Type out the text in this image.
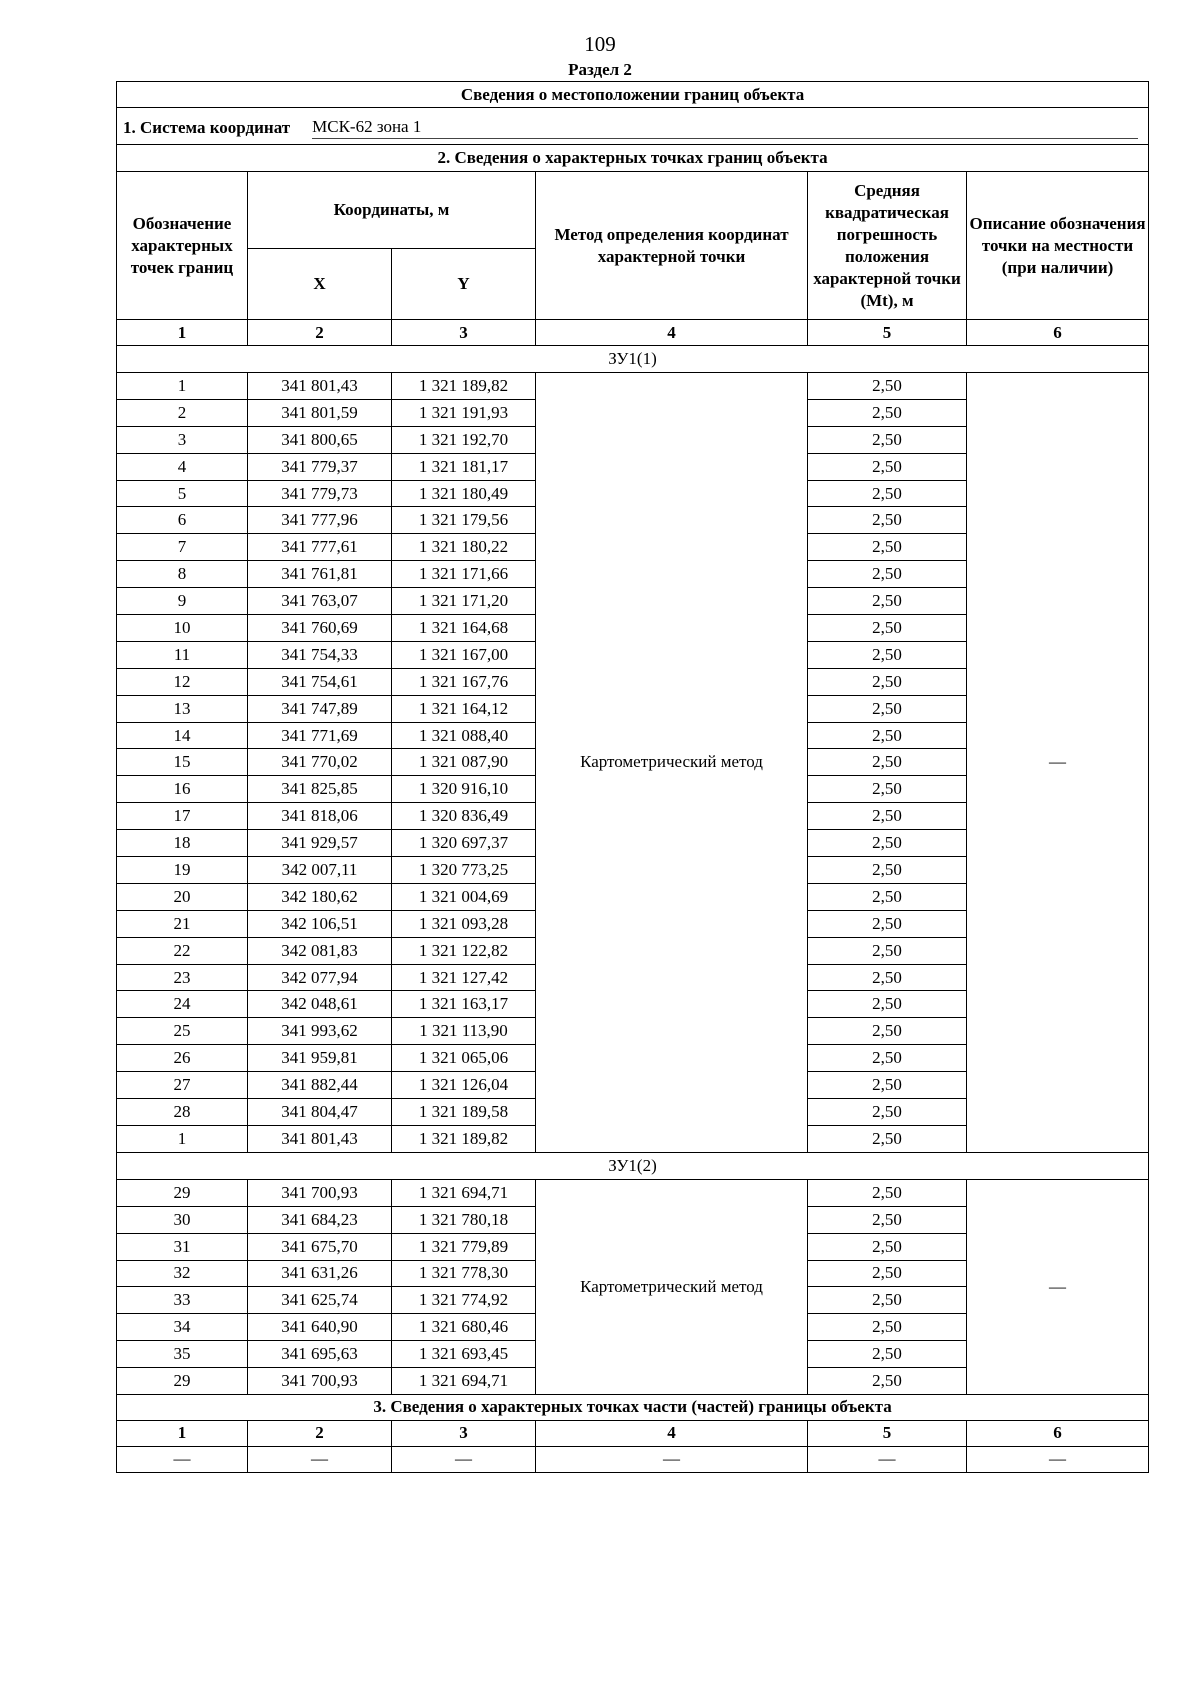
109
Раздел 2
Сведения о местоположении границ объекта					

1. Система координат МСК-62 зона 1					

2. Сведения о характерных точках границ объекта					
Обозначение характерных точек границ	Координаты, м		Метод определения координат характерной точки	Средняя квадратическая погрешность положения характерной точки (Mt), м	Описание обозначения точки на местности (при наличии)
	X	Y			
1	2	3	4	5	6
ЗУ1(1)					
1	341 801,43	1 321 189,82	Картометрический метод	2,50	—
2	341 801,59	1 321 191,93		2,50	
3	341 800,65	1 321 192,70		2,50	
4	341 779,37	1 321 181,17		2,50	
5	341 779,73	1 321 180,49		2,50	
6	341 777,96	1 321 179,56		2,50	
7	341 777,61	1 321 180,22		2,50	
8	341 761,81	1 321 171,66		2,50	
9	341 763,07	1 321 171,20		2,50	
10	341 760,69	1 321 164,68		2,50	
11	341 754,33	1 321 167,00		2,50	
12	341 754,61	1 321 167,76		2,50	
13	341 747,89	1 321 164,12		2,50	
14	341 771,69	1 321 088,40		2,50	
15	341 770,02	1 321 087,90		2,50	
16	341 825,85	1 320 916,10		2,50	
17	341 818,06	1 320 836,49		2,50	
18	341 929,57	1 320 697,37		2,50	
19	342 007,11	1 320 773,25		2,50	
20	342 180,62	1 321 004,69		2,50	
21	342 106,51	1 321 093,28		2,50	
22	342 081,83	1 321 122,82		2,50	
23	342 077,94	1 321 127,42		2,50	
24	342 048,61	1 321 163,17		2,50	
25	341 993,62	1 321 113,90		2,50	
26	341 959,81	1 321 065,06		2,50	
27	341 882,44	1 321 126,04		2,50	
28	341 804,47	1 321 189,58		2,50	
1	341 801,43	1 321 189,82		2,50	
ЗУ1(2)					
29	341 700,93	1 321 694,71	Картометрический метод	2,50	—
30	341 684,23	1 321 780,18		2,50	
31	341 675,70	1 321 779,89		2,50	
32	341 631,26	1 321 778,30		2,50	
33	341 625,74	1 321 774,92		2,50	
34	341 640,90	1 321 680,46		2,50	
35	341 695,63	1 321 693,45		2,50	
29	341 700,93	1 321 694,71		2,50	
3. Сведения о характерных точках части (частей) границы объекта					
1	2	3	4	5	6
—	—	—	—	—	—
